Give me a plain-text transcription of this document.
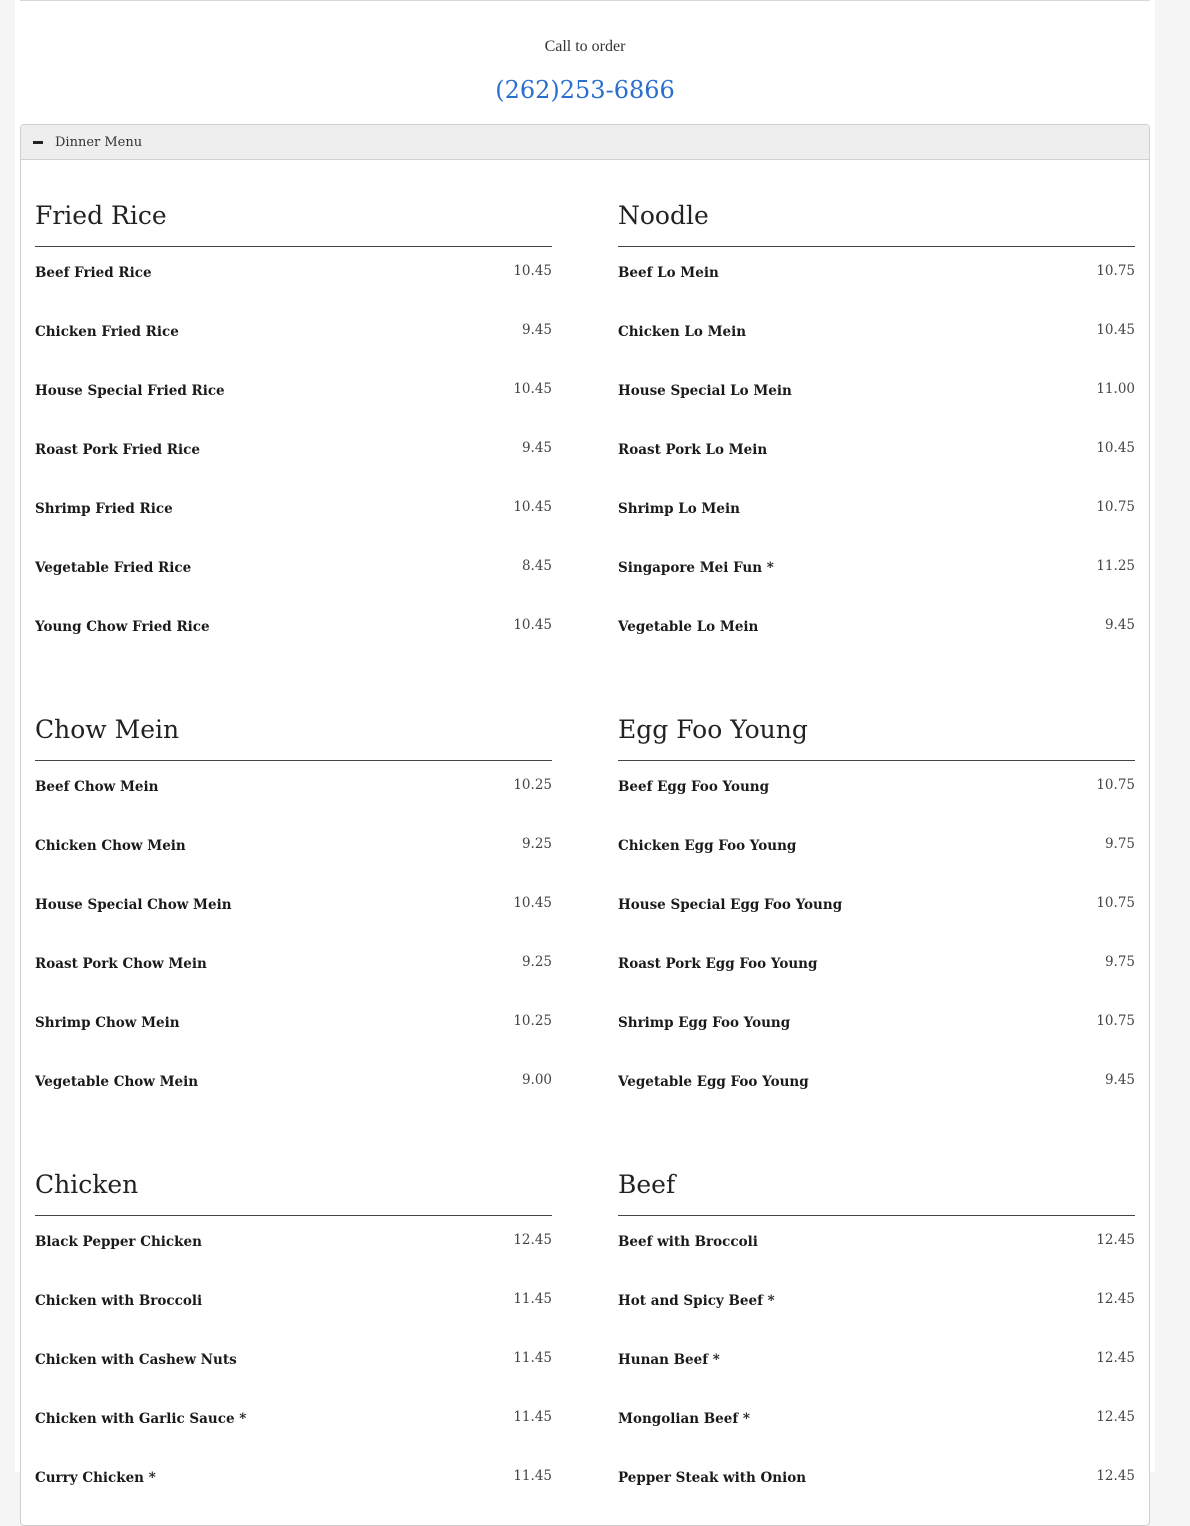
Call to order
(262)253-6866
Dinner Menu
Fried Rice
Beef Fried Rice	10.45
Chicken Fried Rice	9.45
House Special Fried Rice	10.45
Roast Pork Fried Rice	9.45
Shrimp Fried Rice	10.45
Vegetable Fried Rice	8.45
Young Chow Fried Rice	10.45
Noodle
Beef Lo Mein	10.75
Chicken Lo Mein	10.45
House Special Lo Mein	11.00
Roast Pork Lo Mein	10.45
Shrimp Lo Mein	10.75
Singapore Mei Fun *	11.25
Vegetable Lo Mein	9.45
Chow Mein
Beef Chow Mein	10.25
Chicken Chow Mein	9.25
House Special Chow Mein	10.45
Roast Pork Chow Mein	9.25
Shrimp Chow Mein	10.25
Vegetable Chow Mein	9.00
Egg Foo Young
Beef Egg Foo Young	10.75
Chicken Egg Foo Young	9.75
House Special Egg Foo Young	10.75
Roast Pork Egg Foo Young	9.75
Shrimp Egg Foo Young	10.75
Vegetable Egg Foo Young	9.45
Chicken
Black Pepper Chicken	12.45
Chicken with Broccoli	11.45
Chicken with Cashew Nuts	11.45
Chicken with Garlic Sauce *	11.45
Curry Chicken *	11.45
Beef
Beef with Broccoli	12.45
Hot and Spicy Beef *	12.45
Hunan Beef *	12.45
Mongolian Beef *	12.45
Pepper Steak with Onion	12.45
